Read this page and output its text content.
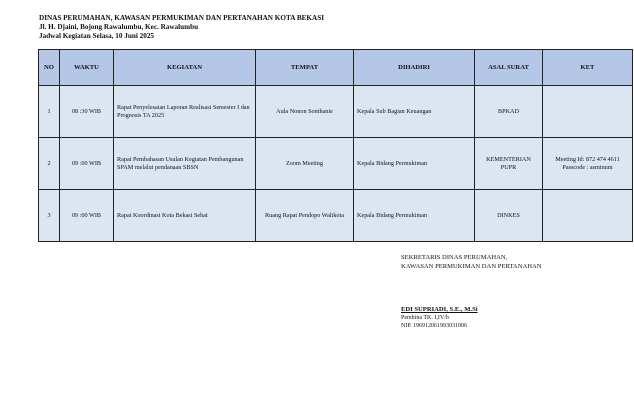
DINAS PERUMAHAN, KAWASAN PERMUKIMAN DAN PERTANAHAN KOTA BEKASI
Jl. H. Djaini, Bojong Rawalumbu, Kec. Rawalumbu
Jadwal Kegiatan Selasa, 10 Juni 2025
NO	WAKTU	KEGIATAN	TEMPAT	DIHADIRI	ASAL SURAT	KET
1	08 :30 WIB	Rapat Penyelesaian Laporan Realisasi Semester I dan Prognosis TA 2025	Aula Nonon Sonthanie	Kepala Sub Bagian Keuangan	BPKAD	
2	09 :00 WIB	Rapat Pembahasan Usulan Kegiatan Pembangunan SPAM melalui pendanaan SBSN	Zoom Meeting	Kepala Bidang Permukiman	KEMENTERIAN PUPR	Meeting Id: 872 474 4611 Passcode : asminum
3	09 :00 WIB	Rapat Koordinasi Kota Bekasi Sehat	Ruang Rapat Pendopo Walikota	Kepala Bidang Permukiman	DINKES	
SEKRETARIS DINAS PERUMAHAN,
KAWASAN PERMUKIMAN DAN PERTANAHAN
EDI SUPRIADI, S.E., M.Si
Pembina TK. I,IV/b
NIP. 196912061993031006
